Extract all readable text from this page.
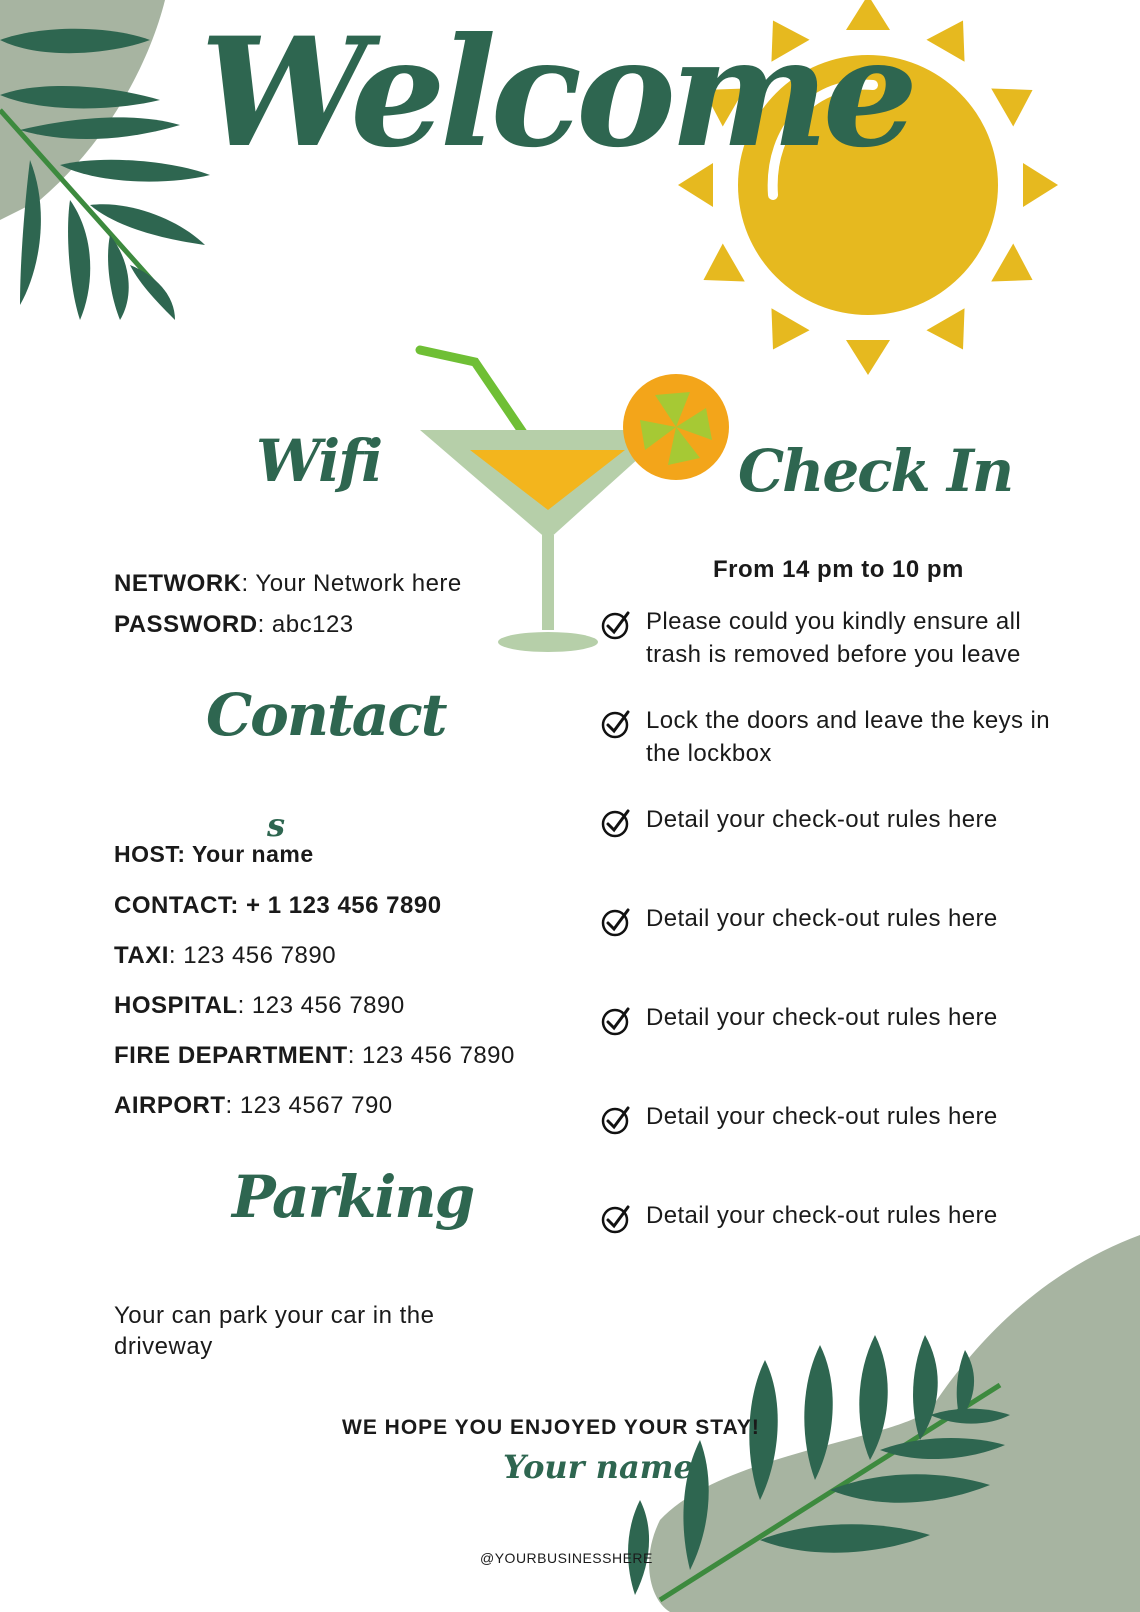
Welcome
Wifi
NETWORK: Your Network here
PASSWORD: abc123
Contact
s
HOST: Your name
CONTACT: + 1 123 456 7890
TAXI: 123 456 7890
HOSPITAL: 123 456 7890
FIRE DEPARTMENT: 123 456 7890
AIRPORT: 123 4567 790
Parking
Your can park your car in the driveway
Check In
From 14 pm to 10 pm
Please could you kindly ensure all trash is removed before you leave
Lock the doors and leave the keys in the lockbox
Detail your check-out rules here
Detail your check-out rules here
Detail your check-out rules here
Detail your check-out rules here
Detail your check-out rules here
WE HOPE YOU ENJOYED YOUR STAY!
Your name
@YOURBUSINESSHERE
